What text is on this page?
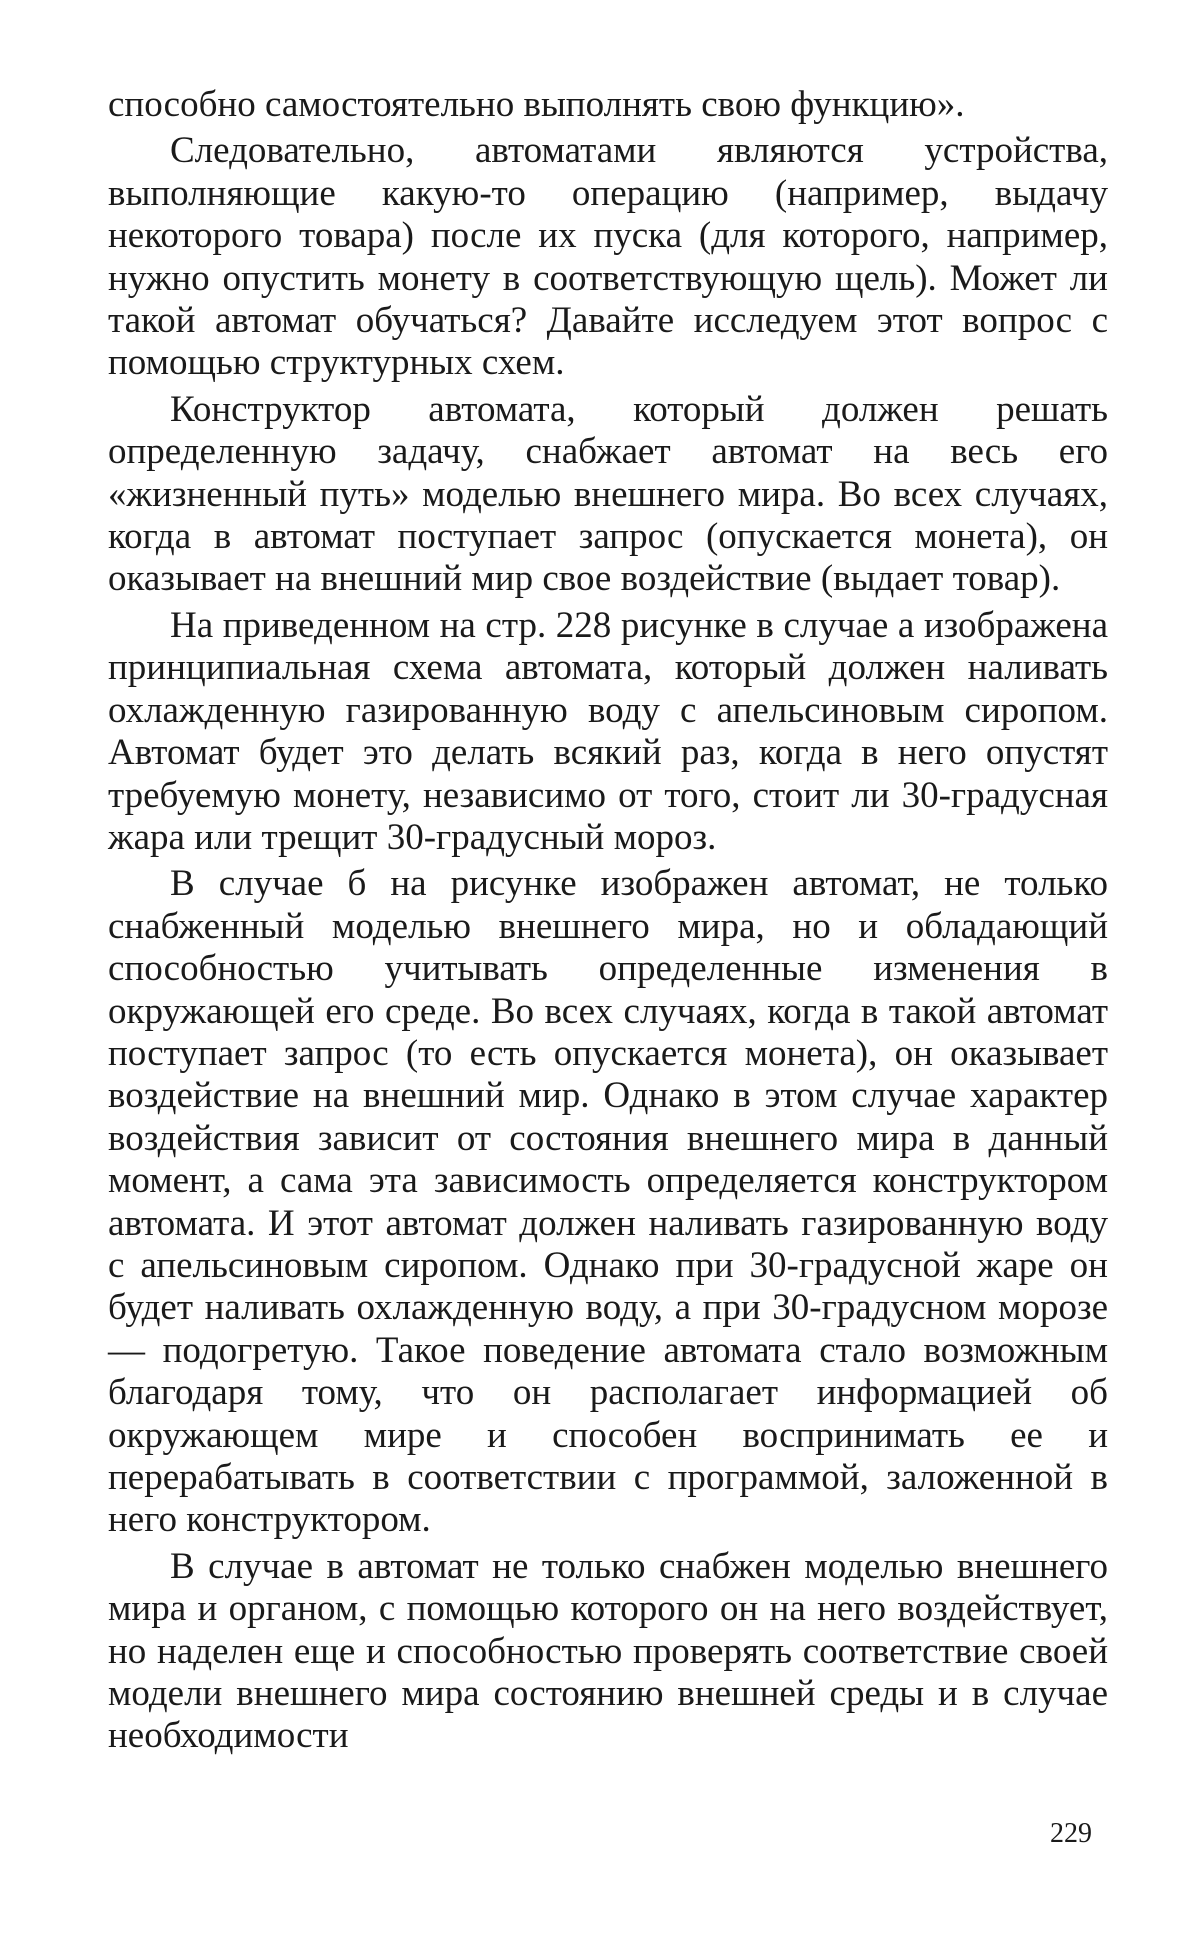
способно самостоятельно выполнять свою функцию».

Следовательно, автоматами являются устройства, выполняющие какую-то операцию (например, выдачу некоторого товара) после их пуска (для которого, например, нужно опустить монету в соответствующую щель). Может ли такой автомат обучаться? Давайте исследуем этот вопрос с помощью структурных схем.

Конструктор автомата, который должен решать определенную задачу, снабжает автомат на весь его «жизненный путь» моделью внешнего мира. Во всех случаях, когда в автомат поступает запрос (опускается монета), он оказывает на внешний мир свое воздействие (выдает товар).

На приведенном на стр. 228 рисунке в случае а изображена принципиальная схема автомата, который должен наливать охлажденную газированную воду с апельсиновым сиропом. Автомат будет это делать всякий раз, когда в него опустят требуемую монету, независимо от того, стоит ли 30-градусная жара или трещит 30-градусный мороз.

В случае б на рисунке изображен автомат, не только снабженный моделью внешнего мира, но и обладающий способностью учитывать определенные изменения в окружающей его среде. Во всех случаях, когда в такой автомат поступает запрос (то есть опускается монета), он оказывает воздействие на внешний мир. Однако в этом случае характер воздействия зависит от состояния внешнего мира в данный момент, а сама эта зависимость определяется конструктором автомата. И этот автомат должен наливать газированную воду с апельсиновым сиропом. Однако при 30-градусной жаре он будет наливать охлажденную воду, а при 30-градусном морозе — подогретую. Такое поведение автомата стало возможным благодаря тому, что он располагает информацией об окружающем мире и способен воспринимать ее и перерабатывать в соответствии с программой, заложенной в него конструктором.

В случае в автомат не только снабжен моделью внешнего мира и органом, с помощью которого он на него воздействует, но наделен еще и способностью проверять соответствие своей модели внешнего мира состоянию внешней среды и в случае необходимости

229
